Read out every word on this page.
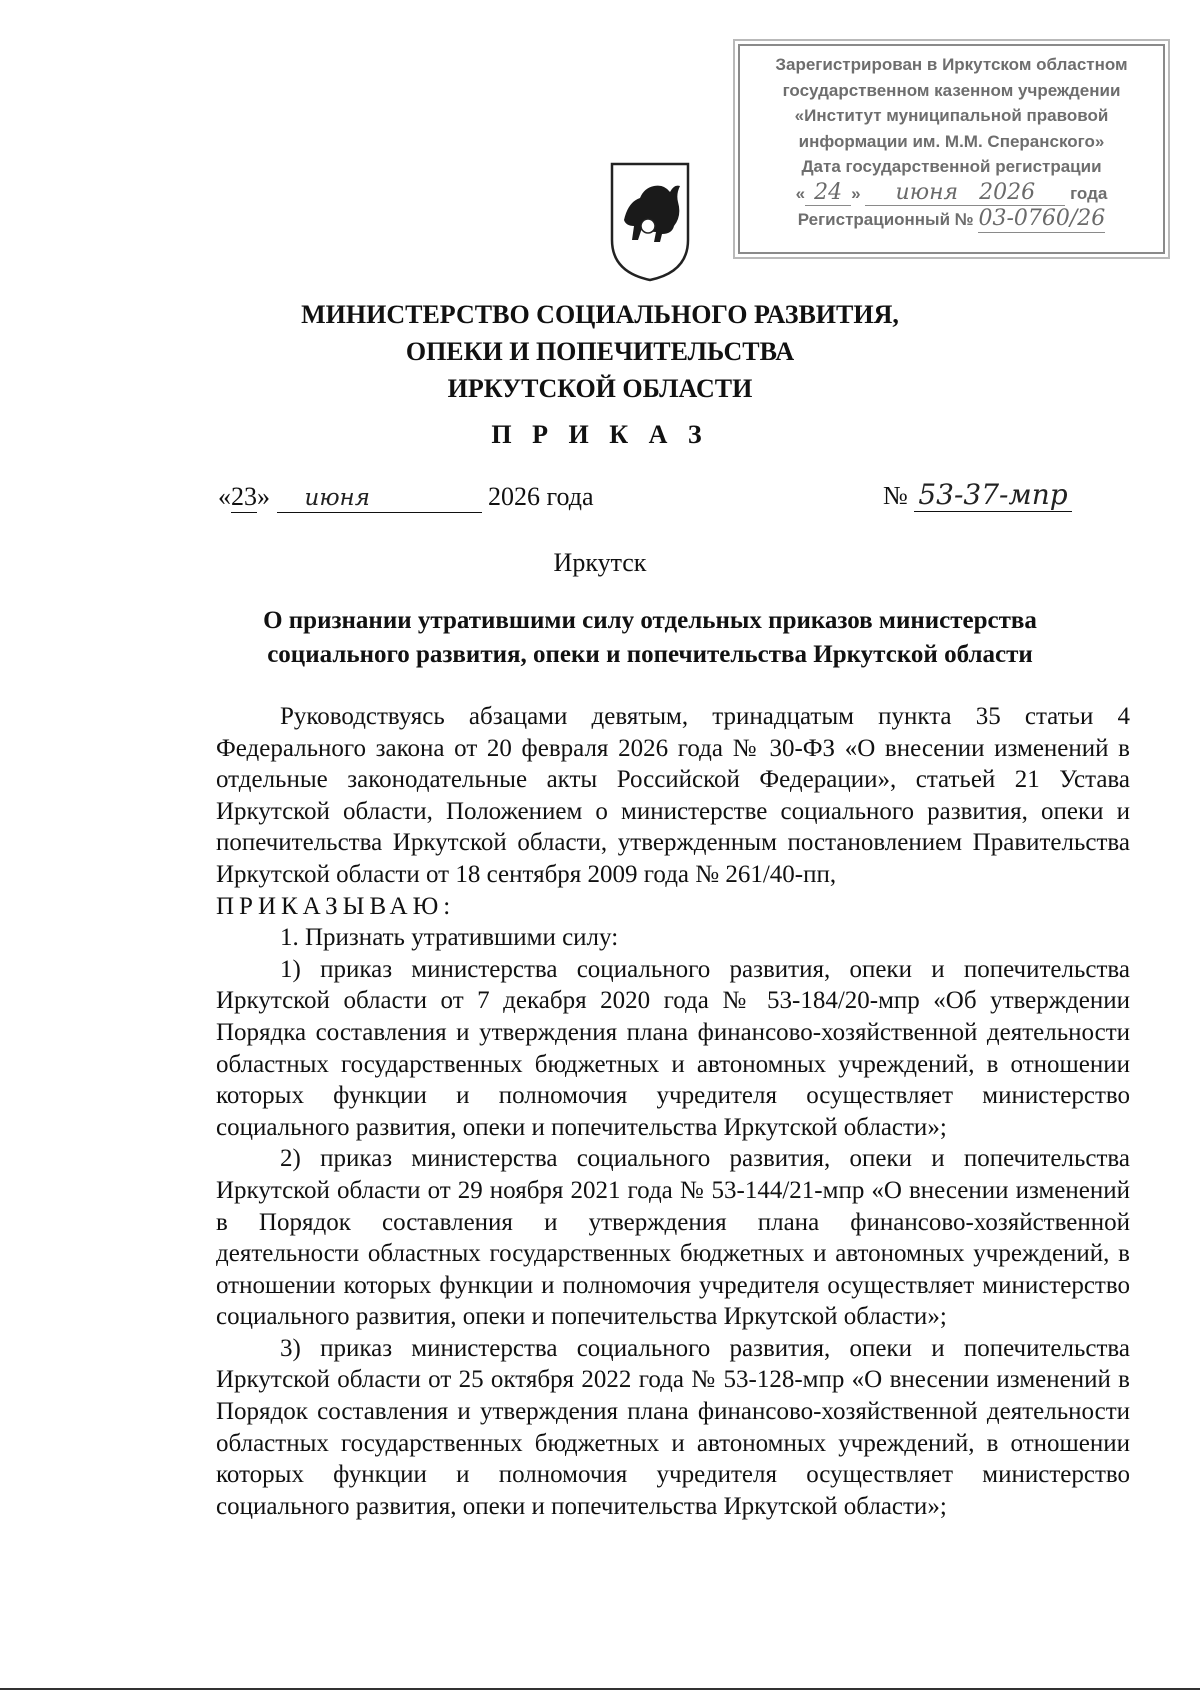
Зарегистрирован в Иркутском областном
государственном казенном учреждении
«Институт муниципальной правовой
информации им. М.М. Сперанского»
Дата государственной регистрации
« 24 » июня 2026 года
Регистрационный № 03-0760/26
МИНИСТЕРСТВО СОЦИАЛЬНОГО РАЗВИТИЯ,
ОПЕКИ И ПОПЕЧИТЕЛЬСТВА
ИРКУТСКОЙ ОБЛАСТИ
П Р И К А З
«23» июня	2026 года	№ 53-37-мпр
Иркутск
О признании утратившими силу отдельных приказов министерства
социального развития, опеки и попечительства Иркутской области

Руководствуясь абзацами девятым, тринадцатым пункта 35 статьи 4 Федерального закона от 20 февраля 2026 года № 30-ФЗ «О внесении изменений в отдельные законодательные акты Российской Федерации», статьей 21 Устава Иркутской области, Положением о министерстве социального развития, опеки и попечительства Иркутской области, утвержденным постановлением Правительства Иркутской области от 18 сентября 2009 года № 261/40-пп,

ПРИКАЗЫВАЮ:

1. Признать утратившими силу:

1) приказ министерства социального развития, опеки и попечительства Иркутской области от 7 декабря 2020 года № 53-184/20-мпр «Об утверждении Порядка составления и утверждения плана финансово-хозяйственной деятельности областных государственных бюджетных и автономных учреждений, в отношении которых функции и полномочия учредителя осуществляет министерство социального развития, опеки и попечительства Иркутской области»;

2) приказ министерства социального развития, опеки и попечительства Иркутской области от 29 ноября 2021 года № 53-144/21-мпр «О внесении изменений в Порядок составления и утверждения плана финансово-хозяйственной деятельности областных государственных бюджетных и автономных учреждений, в отношении которых функции и полномочия учредителя осуществляет министерство социального развития, опеки и попечительства Иркутской области»;

3) приказ министерства социального развития, опеки и попечительства Иркутской области от 25 октября 2022 года № 53-128-мпр «О внесении изменений в Порядок составления и утверждения плана финансово-хозяйственной деятельности областных государственных бюджетных и автономных учреждений, в отношении которых функции и полномочия учредителя осуществляет министерство социального развития, опеки и попечительства Иркутской области»;
